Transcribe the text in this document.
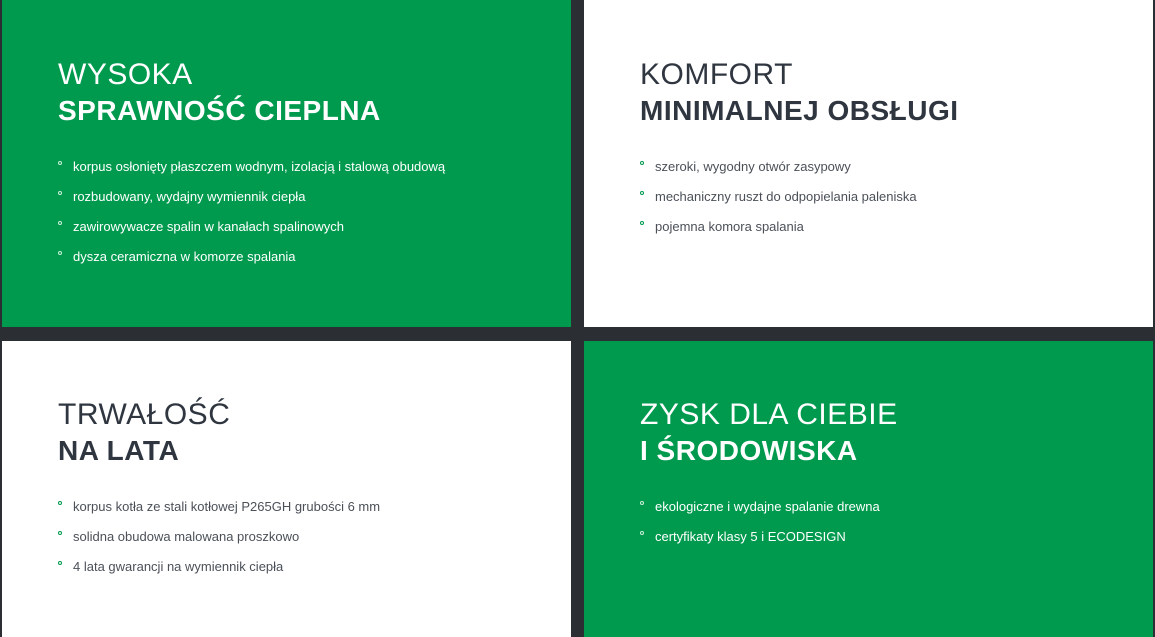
WYSOKA
SPRAWNOŚĆ CIEPLNA
korpus osłonięty płaszczem wodnym, izolacją i stalową obudową
rozbudowany, wydajny wymiennik ciepła
zawirowywacze spalin w kanałach spalinowych
dysza ceramiczna w komorze spalania
KOMFORT
MINIMALNEJ OBSŁUGI
szeroki, wygodny otwór zasypowy
mechaniczny ruszt do odpopielania paleniska
pojemna komora spalania
TRWAŁOŚĆ
NA LATA
korpus kotła ze stali kotłowej P265GH grubości 6 mm
solidna obudowa malowana proszkowo
4 lata gwarancji na wymiennik ciepła
ZYSK DLA CIEBIE
I ŚRODOWISKA
ekologiczne i wydajne spalanie drewna
certyfikaty klasy 5 i ECODESIGN
